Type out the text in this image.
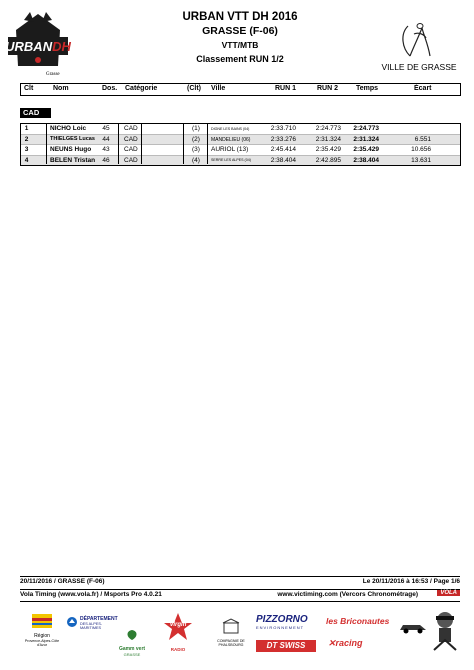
URBANDH
Grasse
URBAN VTT DH 2016
GRASSE (F-06)
VTT/MTB
Classement RUN 1/2
VILLE DE GRASSE
Clt	Nom	Dos. Catégorie	(Clt) Ville	RUN 1	RUN 2	Temps	Écart
CAD
1	NICHO Loic	45	CAD	(1)	DIGNE LES BAINS (04)	2:33.710	2:24.773	2:24.773
2	THIELGES Lucas	44	CAD	(2)	MANDELIEU (06)	2:33.276	2:31.324	2:31.324	6.551
3	NEUNS Hugo	43	CAD	(3)	AURIOL (13)	2:45.414	2:35.429	2:35.429	10.656
4	BELEN Tristan	46	CAD	(4)	SERRE LES ALPES (04)	2:38.404	2:42.895	2:38.404	13.631
20/11/2016 / GRASSE (F-06)	Le 20/11/2016 à 16:53 / Page 1/6
Vola Timing (www.vola.fr) / Msports Pro 4.0.21	www.victiming.com (Vercors Chronométrage)	VOLA
Région
Provence-Alpes-Côte d'Azur
DÉPARTEMENT
DES ALPES-MARITIMES
Gamm vert
GRASSE
Virgin
RADIO
COMPAGNIE DE
PHALSBOURG
PIZZORNO
ENVIRONNEMENT
DT SWISS
les Briconautes
✕racing
